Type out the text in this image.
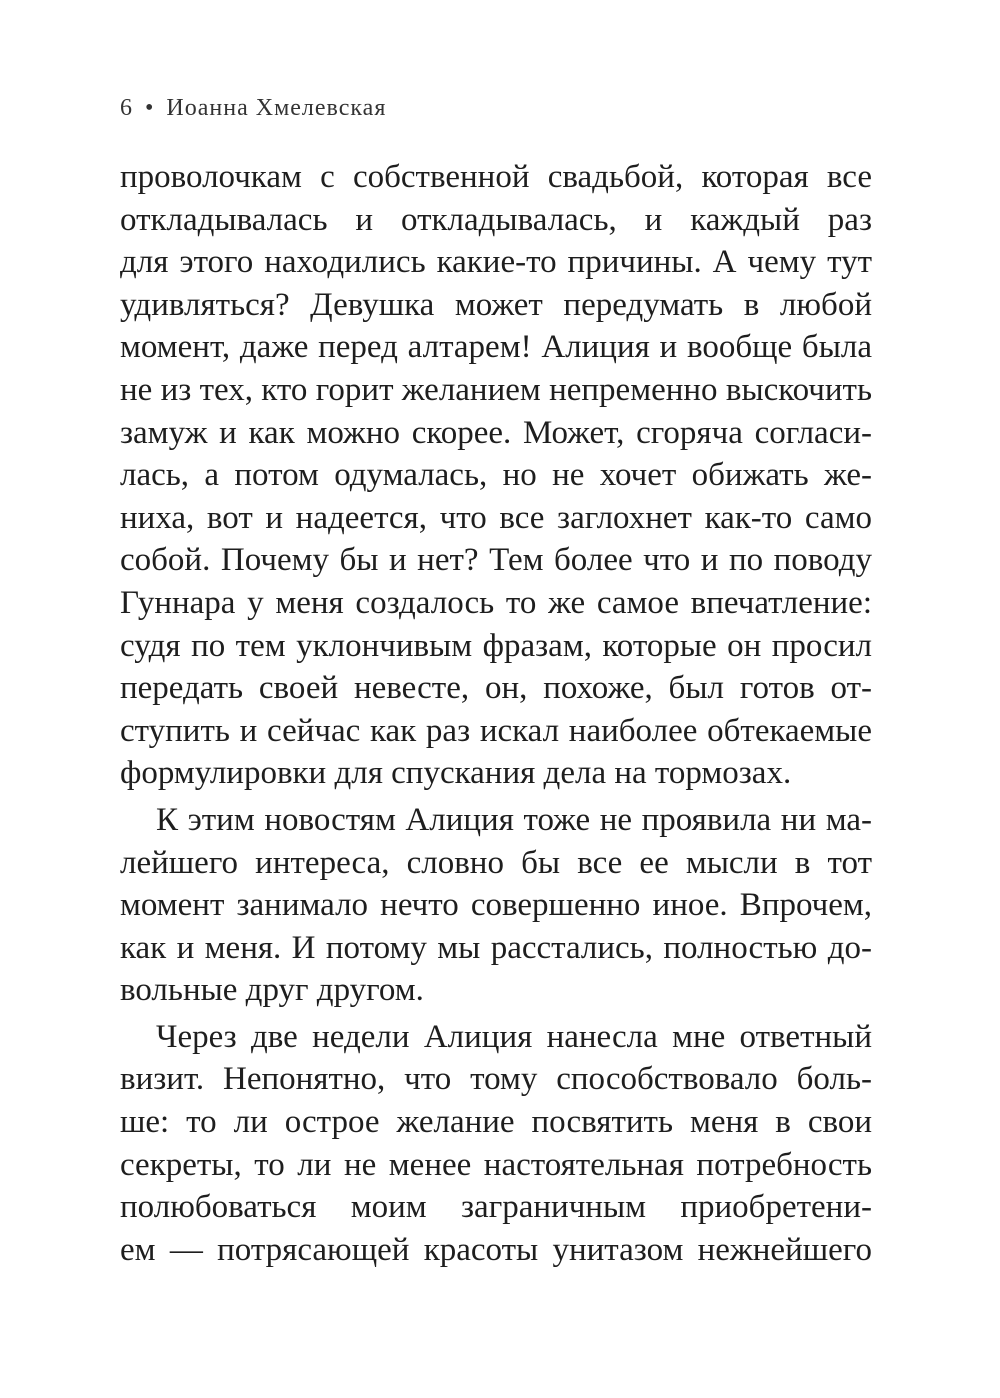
6 • Иоанна Хмелевская
проволочкам с собственной свадьбой, которая все
откладывалась и откладывалась, и каждый раз
для этого находились какие-то причины. А чему тут
удивляться? Девушка может передумать в любой
момент, даже перед алтарем! Алиция и вообще была
не из тех, кто горит желанием непременно выскочить
замуж и как можно скорее. Может, сгоряча согласи-
лась, а потом одумалась, но не хочет обижать же-
ниха, вот и надеется, что все заглохнет как-то само
собой. Почему бы и нет? Тем более что и по поводу
Гуннара у меня создалось то же самое впечатление:
судя по тем уклончивым фразам, которые он просил
передать своей невесте, он, похоже, был готов от-
ступить и сейчас как раз искал наиболее обтекаемые
формулировки для спускания дела на тормозах.
К этим новостям Алиция тоже не проявила ни ма-
лейшего интереса, словно бы все ее мысли в тот
момент занимало нечто совершенно иное. Впрочем,
как и меня. И потому мы расстались, полностью до-
вольные друг другом.
Через две недели Алиция нанесла мне ответный
визит. Непонятно, что тому способствовало боль-
ше: то ли острое желание посвятить меня в свои
секреты, то ли не менее настоятельная потребность
полюбоваться моим заграничным приобретени-
ем — потрясающей красоты унитазом нежнейшего
